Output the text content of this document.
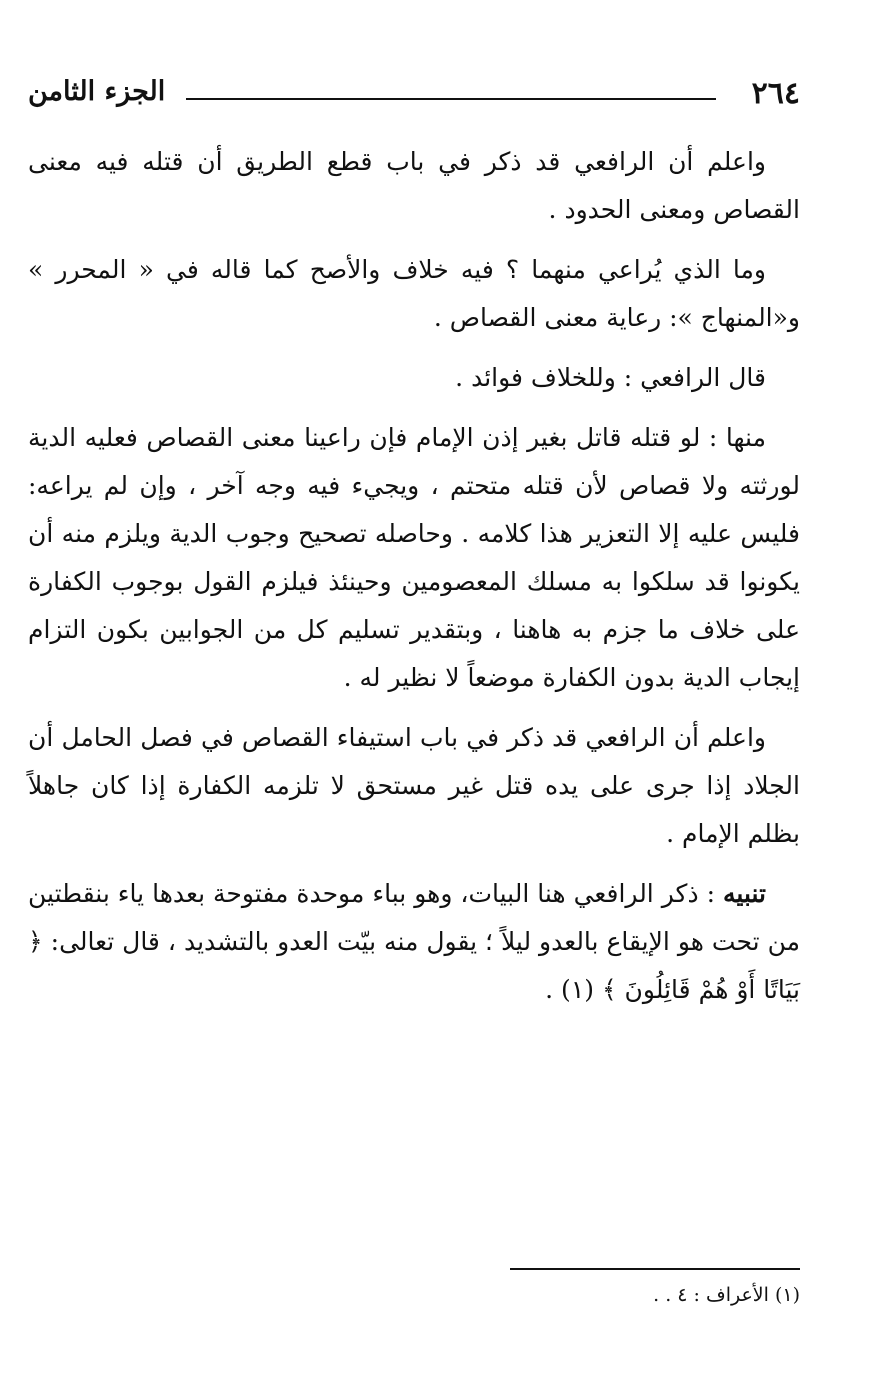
٢٦٤
الجزء الثامن

واعلم أن الرافعي قد ذكر في باب قطع الطريق أن قتله فيه معنى القصاص ومعنى الحدود .

وما الذي يُراعي منهما ؟ فيه خلاف والأصح كما قاله في « المحرر » و«المنهاج »: رعاية معنى القصاص .

قال الرافعي : وللخلاف فوائد .

منها : لو قتله قاتل بغير إذن الإمام فإن راعينا معنى القصاص فعليه الدية لورثته ولا قصاص لأن قتله متحتم ، ويجيء فيه وجه آخر ، وإن لم يراعه: فليس عليه إلا التعزير هذا كلامه . وحاصله تصحيح وجوب الدية ويلزم منه أن يكونوا قد سلكوا به مسلك المعصومين وحينئذ فيلزم القول بوجوب الكفارة على خلاف ما جزم به هاهنا ، وبتقدير تسليم كل من الجوابين بكون التزام إيجاب الدية بدون الكفارة موضعاً لا نظير له .

واعلم أن الرافعي قد ذكر في باب استيفاء القصاص في فصل الحامل أن الجلاد إذا جرى على يده قتل غير مستحق لا تلزمه الكفارة إذا كان جاهلاً بظلم الإمام .

تنبيه : ذكر الرافعي هنا البيات، وهو بباء موحدة مفتوحة بعدها ياء بنقطتين من تحت هو الإيقاع بالعدو ليلاً ؛ يقول منه بيّت العدو بالتشديد ، قال تعالى: ﴿ بَيَاتًا أَوْ هُمْ قَائِلُونَ ﴾ (١) .

(١) الأعراف : ٤ . .
